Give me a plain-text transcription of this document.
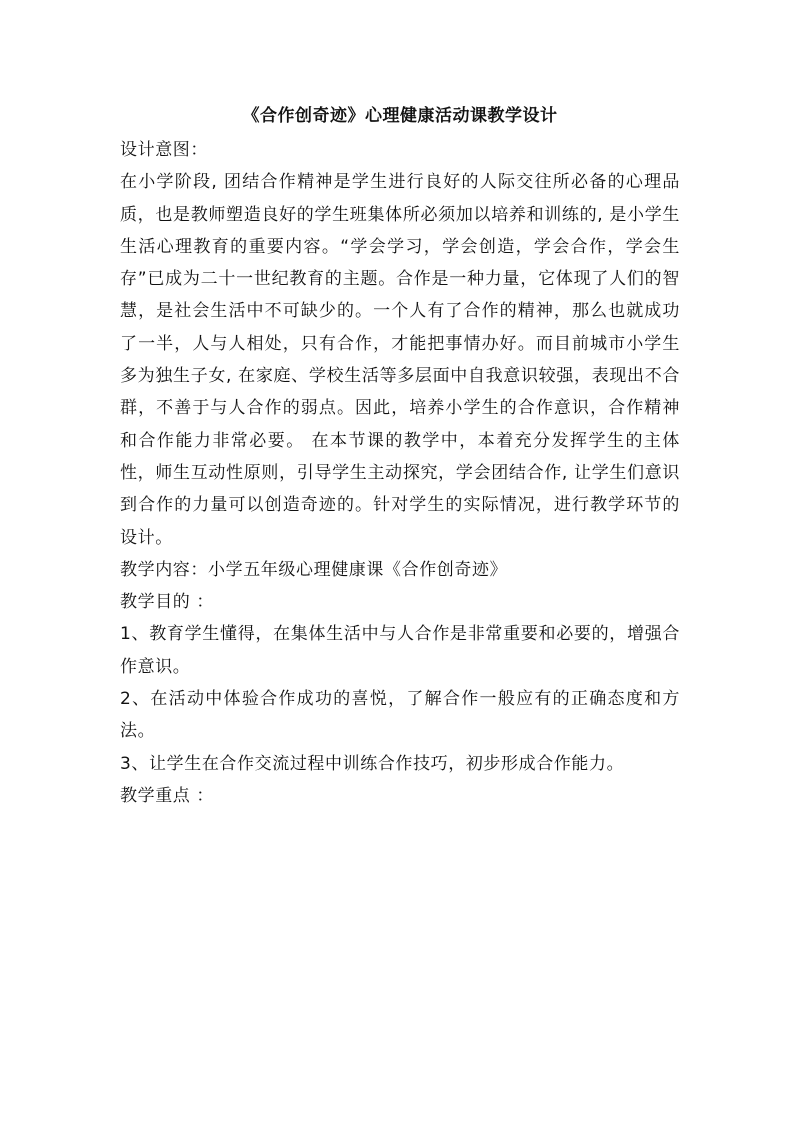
《合作创奇迹》心理健康活动课教学设计

设计意图：

在小学阶段, 团结合作精神是学生进行良好的人际交往所必备的心理品质，也是教师塑造良好的学生班集体所必须加以培养和训练的, 是小学生生活心理教育的重要内容。“学会学习，学会创造，学会合作，学会生存”已成为二十一世纪教育的主题。合作是一种力量，它体现了人们的智慧，是社会生活中不可缺少的。一个人有了合作的精神，那么也就成功了一半，人与人相处，只有合作，才能把事情办好。而目前城市小学生多为独生子女, 在家庭、学校生活等多层面中自我意识较强，表现出不合群，不善于与人合作的弱点。因此，培养小学生的合作意识，合作精神和合作能力非常必要。 在本节课的教学中，本着充分发挥学生的主体性，师生互动性原则，引导学生主动探究，学会团结合作, 让学生们意识到合作的力量可以创造奇迹的。针对学生的实际情况，进行教学环节的设计。

教学内容：小学五年级心理健康课《合作创奇迹》

教学目的 ：

1、教育学生懂得，在集体生活中与人合作是非常重要和必要的，增强合作意识。

2、在活动中体验合作成功的喜悦，了解合作一般应有的正确态度和方法。

3、让学生在合作交流过程中训练合作技巧，初步形成合作能力。

教学重点 ：
